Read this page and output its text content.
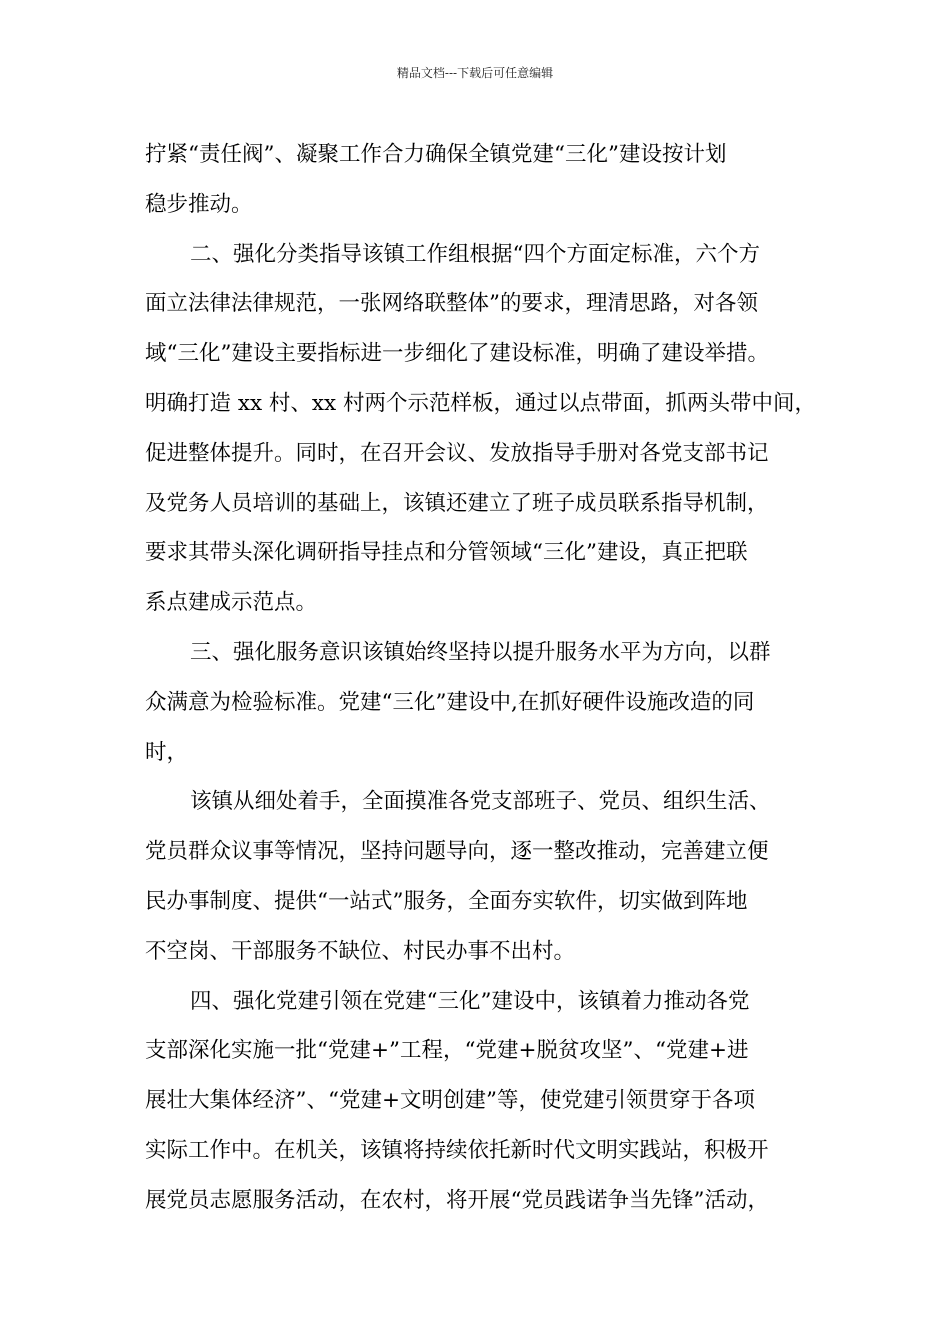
精品文档---下载后可任意编辑

拧紧“责任阀”、凝聚工作合力确保全镇党建“三化”建设按计划

稳步推动。

二、强化分类指导该镇工作组根据“四个方面定标准，六个方

面立法律法律规范，一张网络联整体”的要求，理清思路，对各领

域“三化”建设主要指标进一步细化了建设标准，明确了建设举措。

明确打造 xx 村、xx 村两个示范样板，通过以点带面，抓两头带中间，

促进整体提升。同时，在召开会议、发放指导手册对各党支部书记

及党务人员培训的基础上，该镇还建立了班子成员联系指导机制，

要求其带头深化调研指导挂点和分管领域“三化”建设，真正把联

系点建成示范点。

三、强化服务意识该镇始终坚持以提升服务水平为方向，以群

众满意为检验标准。党建“三化”建设中,在抓好硬件设施改造的同

时，

该镇从细处着手，全面摸准各党支部班子、党员、组织生活、

党员群众议事等情况，坚持问题导向，逐一整改推动，完善建立便

民办事制度、提供“一站式”服务，全面夯实软件，切实做到阵地

不空岗、干部服务不缺位、村民办事不出村。

四、强化党建引领在党建“三化”建设中，该镇着力推动各党

支部深化实施一批“党建+”工程，“党建+脱贫攻坚”、“党建+进

展壮大集体经济”、“党建+文明创建”等，使党建引领贯穿于各项

实际工作中。在机关，该镇将持续依托新时代文明实践站，积极开

展党员志愿服务活动，在农村，将开展“党员践诺争当先锋”活动，
